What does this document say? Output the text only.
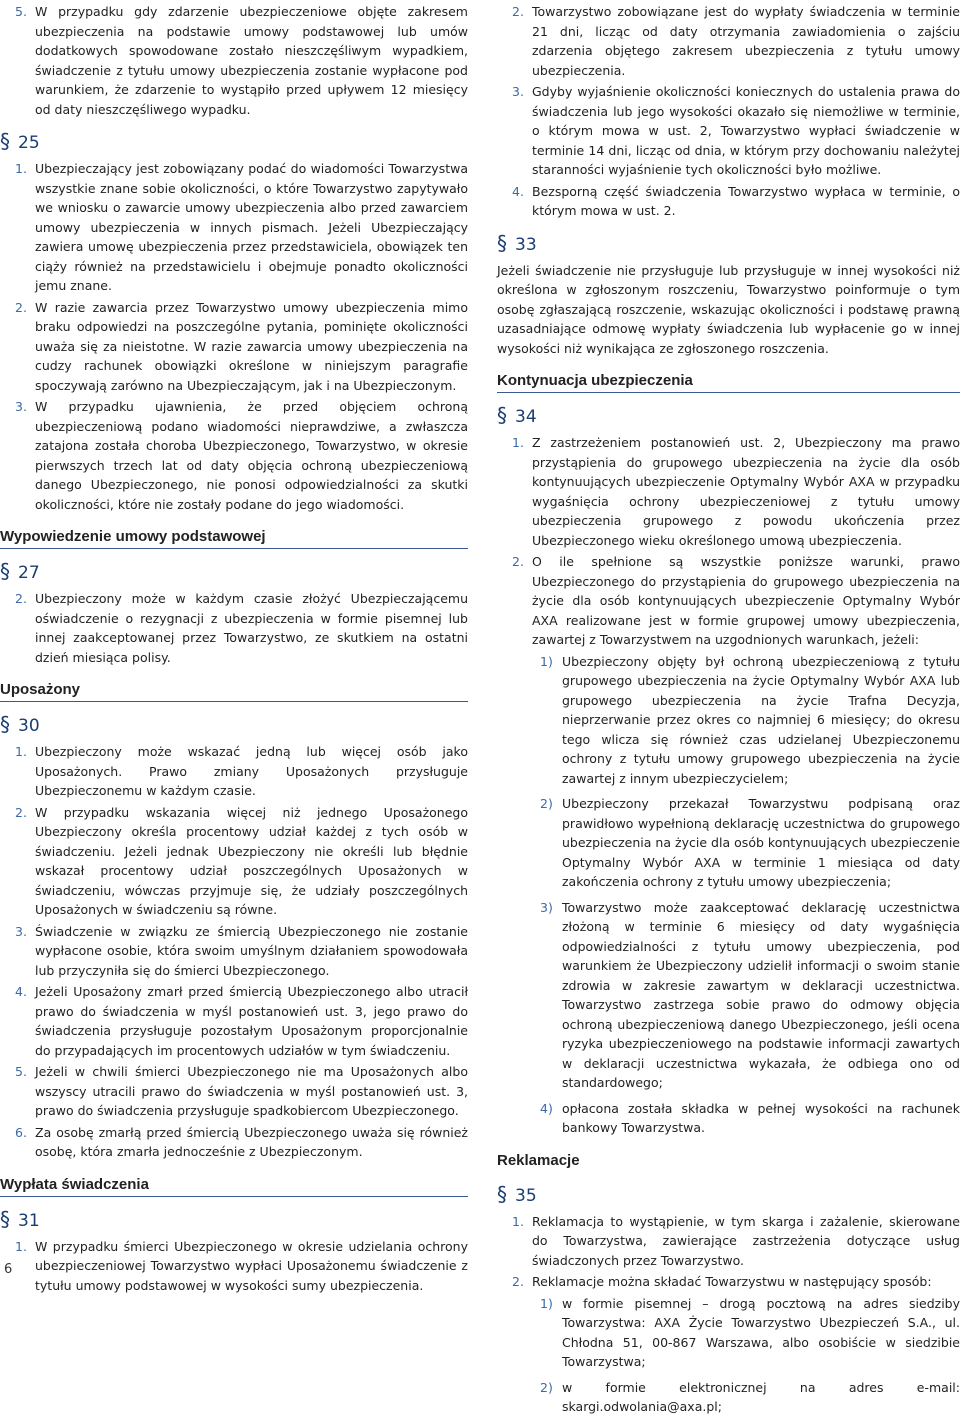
5. W przypadku gdy zdarzenie ubezpieczeniowe objęte zakresem ubezpieczenia na podstawie umowy podstawowej lub umów dodatkowych spowodowane zostało nieszczęśliwym wypadkiem, świadczenie z tytułu umowy ubezpieczenia zostanie wypłacone pod warunkiem, że zdarzenie to wystąpiło przed upływem 12 miesięcy od daty nieszczęśliwego wypadku.
§ 25
1. Ubezpieczający jest zobowiązany podać do wiadomości Towarzystwa wszystkie znane sobie okoliczności, o które Towarzystwo zapytywało we wniosku o zawarcie umowy ubezpieczenia albo przed zawarciem umowy ubezpieczenia w innych pismach. Jeżeli Ubezpieczający zawiera umowę ubezpieczenia przez przedstawiciela, obowiązek ten ciąży również na przedstawicielu i obejmuje ponadto okoliczności jemu znane.
2. W razie zawarcia przez Towarzystwo umowy ubezpieczenia mimo braku odpowiedzi na poszczególne pytania, pominięte okoliczności uważa się za nieistotne. W razie zawarcia umowy ubezpieczenia na cudzy rachunek obowiązki określone w niniejszym paragrafie spoczywają zarówno na Ubezpieczającym, jak i na Ubezpieczonym.
3. W przypadku ujawnienia, że przed objęciem ochroną ubezpieczeniową podano wiadomości nieprawdziwe, a zwłaszcza zatajona została choroba Ubezpieczonego, Towarzystwo, w okresie pierwszych trzech lat od daty objęcia ochroną ubezpieczeniową danego Ubezpieczonego, nie ponosi odpowiedzialności za skutki okoliczności, które nie zostały podane do jego wiadomości.
Wypowiedzenie umowy podstawowej
§ 27
2. Ubezpieczony może w każdym czasie złożyć Ubezpieczającemu oświadczenie o rezygnacji z ubezpieczenia w formie pisemnej lub innej zaakceptowanej przez Towarzystwo, ze skutkiem na ostatni dzień miesiąca polisy.
Uposażony
§ 30
1. Ubezpieczony może wskazać jedną lub więcej osób jako Uposażonych. Prawo zmiany Uposażonych przysługuje Ubezpieczonemu w każdym czasie.
2. W przypadku wskazania więcej niż jednego Uposażonego Ubezpieczony określa procentowy udział każdej z tych osób w świadczeniu. Jeżeli jednak Ubezpieczony nie określi lub błędnie wskazał procentowy udział poszczególnych Uposażonych w świadczeniu, wówczas przyjmuje się, że udziały poszczególnych Uposażonych w świadczeniu są równe.
3. Świadczenie w związku ze śmiercią Ubezpieczonego nie zostanie wypłacone osobie, która swoim umyślnym działaniem spowodowała lub przyczyniła się do śmierci Ubezpieczonego.
4. Jeżeli Uposażony zmarł przed śmiercią Ubezpieczonego albo utracił prawo do świadczenia w myśl postanowień ust. 3, jego prawo do świadczenia przysługuje pozostałym Uposażonym proporcjonalnie do przypadających im procentowych udziałów w tym świadczeniu.
5. Jeżeli w chwili śmierci Ubezpieczonego nie ma Uposażonych albo wszyscy utracili prawo do świadczenia w myśl postanowień ust. 3, prawo do świadczenia przysługuje spadkobiercom Ubezpieczonego.
6. Za osobę zmarłą przed śmiercią Ubezpieczonego uważa się również osobę, która zmarła jednocześnie z Ubezpieczonym.
Wypłata świadczenia
§ 31
1. W przypadku śmierci Ubezpieczonego w okresie udzielania ochrony ubezpieczeniowej Towarzystwo wypłaci Uposażonemu świadczenie z tytułu umowy podstawowej w wysokości sumy ubezpieczenia.
2. Towarzystwo zobowiązane jest do wypłaty świadczenia w terminie 21 dni, licząc od daty otrzymania zawiadomienia o zajściu zdarzenia objętego zakresem ubezpieczenia z tytułu umowy ubezpieczenia.
3. Gdyby wyjaśnienie okoliczności koniecznych do ustalenia prawa do świadczenia lub jego wysokości okazało się niemożliwe w terminie, o którym mowa w ust. 2, Towarzystwo wypłaci świadczenie w terminie 14 dni, licząc od dnia, w którym przy dochowaniu należytej staranności wyjaśnienie tych okoliczności było możliwe.
4. Bezsporną część świadczenia Towarzystwo wypłaca w terminie, o którym mowa w ust. 2.
§ 33
Jeżeli świadczenie nie przysługuje lub przysługuje w innej wysokości niż określona w zgłoszonym roszczeniu, Towarzystwo poinformuje o tym osobę zgłaszającą roszczenie, wskazując okoliczności i podstawę prawną uzasadniające odmowę wypłaty świadczenia lub wypłacenie go w innej wysokości niż wynikająca ze zgłoszonego roszczenia.
Kontynuacja ubezpieczenia
§ 34
1. Z zastrzeżeniem postanowień ust. 2, Ubezpieczony ma prawo przystąpienia do grupowego ubezpieczenia na życie dla osób kontynuujących ubezpieczenie Optymalny Wybór AXA w przypadku wygaśnięcia ochrony ubezpieczeniowej z tytułu umowy ubezpieczenia grupowego z powodu ukończenia przez Ubezpieczonego wieku określonego umową ubezpieczenia.
2. O ile spełnione są wszystkie poniższe warunki, prawo Ubezpieczonego do przystąpienia do grupowego ubezpieczenia na życie dla osób kontynuujących ubezpieczenie Optymalny Wybór AXA realizowane jest w formie grupowej umowy ubezpieczenia, zawartej z Towarzystwem na uzgodnionych warunkach, jeżeli:
1) Ubezpieczony objęty był ochroną ubezpieczeniową z tytułu grupowego ubezpieczenia na życie Optymalny Wybór AXA lub grupowego ubezpieczenia na życie Trafna Decyzja, nieprzerwanie przez okres co najmniej 6 miesięcy; do okresu tego wlicza się również czas udzielanej Ubezpieczonemu ochrony z tytułu umowy grupowego ubezpieczenia na życie zawartej z innym ubezpieczycielem;
2) Ubezpieczony przekazał Towarzystwu podpisaną oraz prawidłowo wypełnioną deklarację uczestnictwa do grupowego ubezpieczenia na życie dla osób kontynuujących ubezpieczenie Optymalny Wybór AXA w terminie 1 miesiąca od daty zakończenia ochrony z tytułu umowy ubezpieczenia;
3) Towarzystwo może zaakceptować deklarację uczestnictwa złożoną w terminie 6 miesięcy od daty wygaśnięcia odpowiedzialności z tytułu umowy ubezpieczenia, pod warunkiem że Ubezpieczony udzielił informacji o swoim stanie zdrowia w zakresie zawartym w deklaracji uczestnictwa. Towarzystwo zastrzega sobie prawo do odmowy objęcia ochroną ubezpieczeniową danego Ubezpieczonego, jeśli ocena ryzyka ubezpieczeniowego na podstawie informacji zawartych w deklaracji uczestnictwa wykazała, że odbiega ono od standardowego;
4) opłacona została składka w pełnej wysokości na rachunek bankowy Towarzystwa.
Reklamacje
§ 35
1. Reklamacja to wystąpienie, w tym skarga i zażalenie, skierowane do Towarzystwa, zawierające zastrzeżenia dotyczące usług świadczonych przez Towarzystwo.
2. Reklamacje można składać Towarzystwu w następujący sposób:
1) w formie pisemnej – drogą pocztową na adres siedziby Towarzystwa: AXA Życie Towarzystwo Ubezpieczeń S.A., ul. Chłodna 51, 00-867 Warszawa, albo osobiście w siedzibie Towarzystwa;
2) w formie elektronicznej na adres e-mail: skargi.odwolania@axa.pl;
6
